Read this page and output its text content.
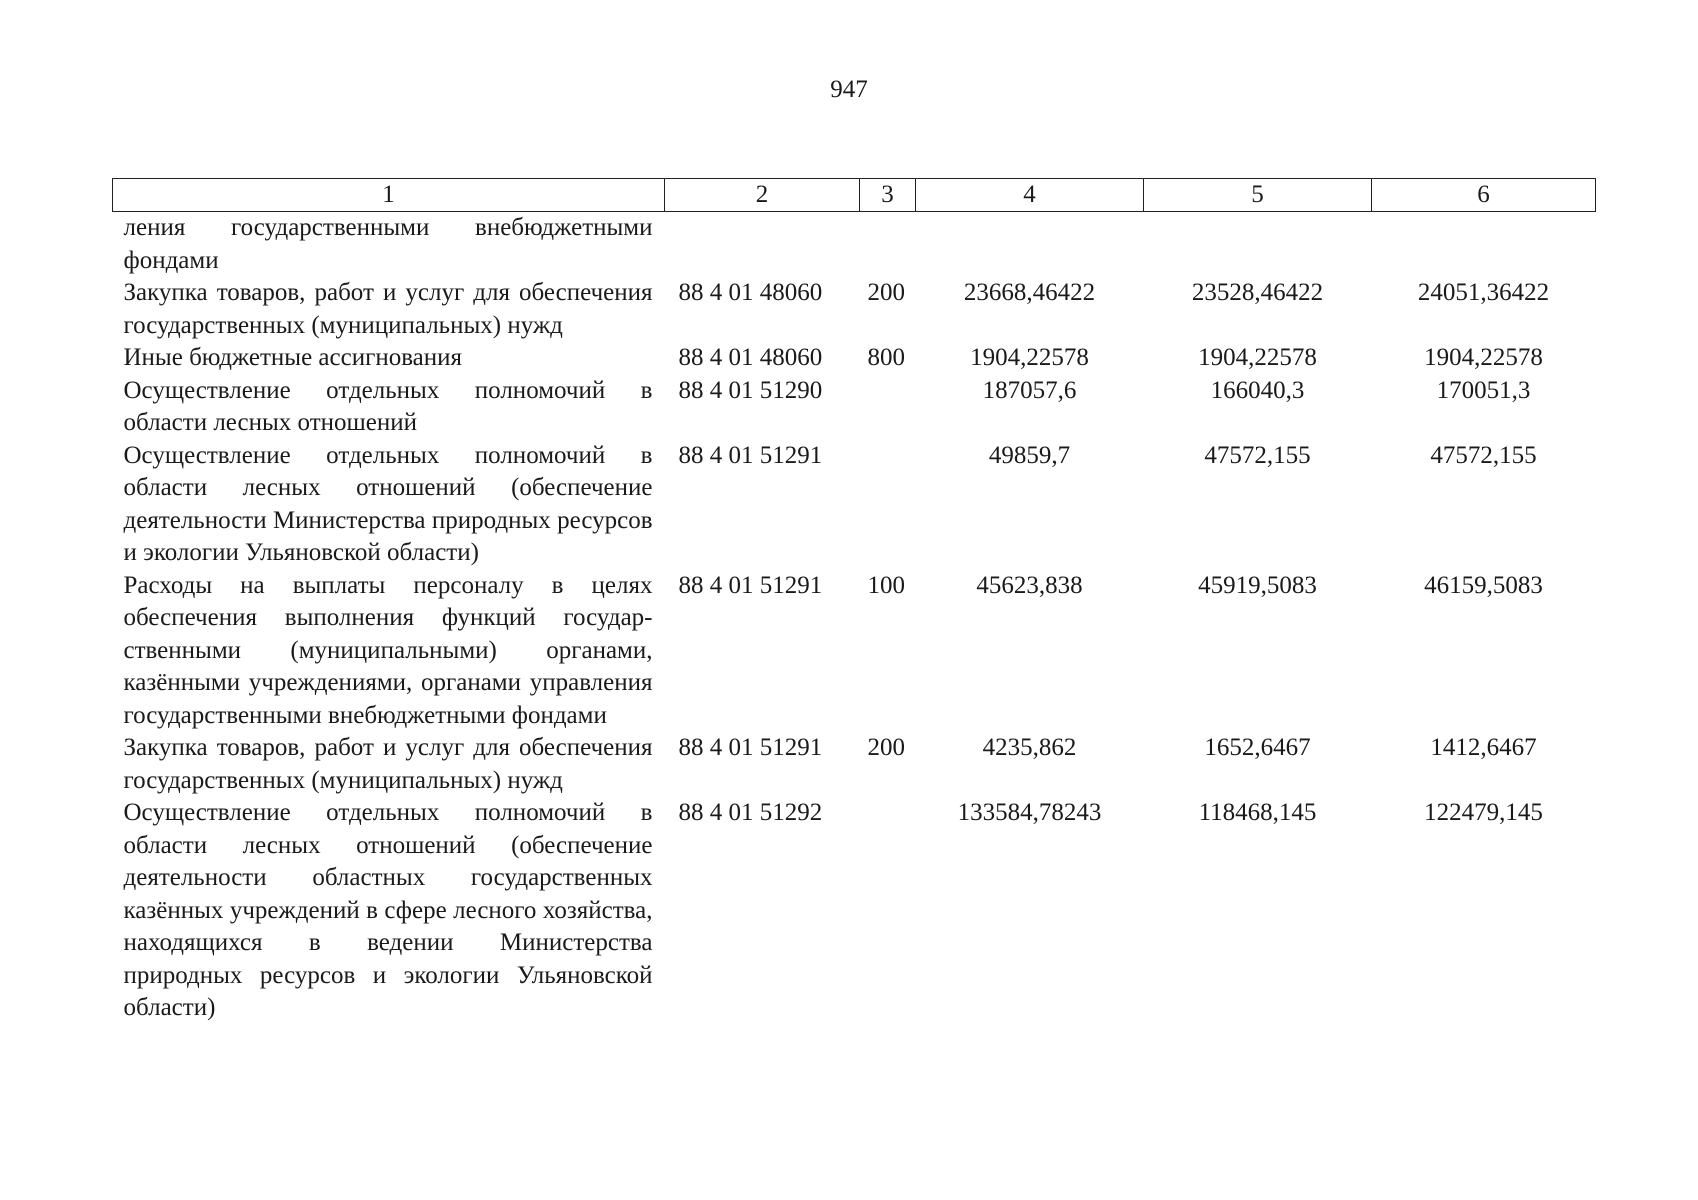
947
1	2	3	4	5	6
ления государственными внебюджетными фондами					
Закупка товаров, работ и услуг для обеспечения государственных (муниципальных) нужд	88 4 01 48060	200	23668,46422	23528,46422	24051,36422
Иные бюджетные ассигнования	88 4 01 48060	800	1904,22578	1904,22578	1904,22578
Осуществление отдельных полномочий в области лесных отношений	88 4 01 51290		187057,6	166040,3	170051,3
Осуществление отдельных полномочий в области лесных отношений (обеспечение деятельности Министерства природных ресурсов и экологии Ульяновской области)	88 4 01 51291		49859,7	47572,155	47572,155
Расходы на выплаты персоналу в целях обеспечения выполнения функций государственными (муниципальными) органами, казёнными учреждениями, органами управления государственными внебюджетными фондами	88 4 01 51291	100	45623,838	45919,5083	46159,5083
Закупка товаров, работ и услуг для обеспечения государственных (муниципальных) нужд	88 4 01 51291	200	4235,862	1652,6467	1412,6467
Осуществление отдельных полномочий в области лесных отношений (обеспечение деятельности областных государственных казённых учреждений в сфере лесного хозяйства, находящихся в ведении Министерства природных ресурсов и экологии Ульяновской области)	88 4 01 51292		133584,78243	118468,145	122479,145
